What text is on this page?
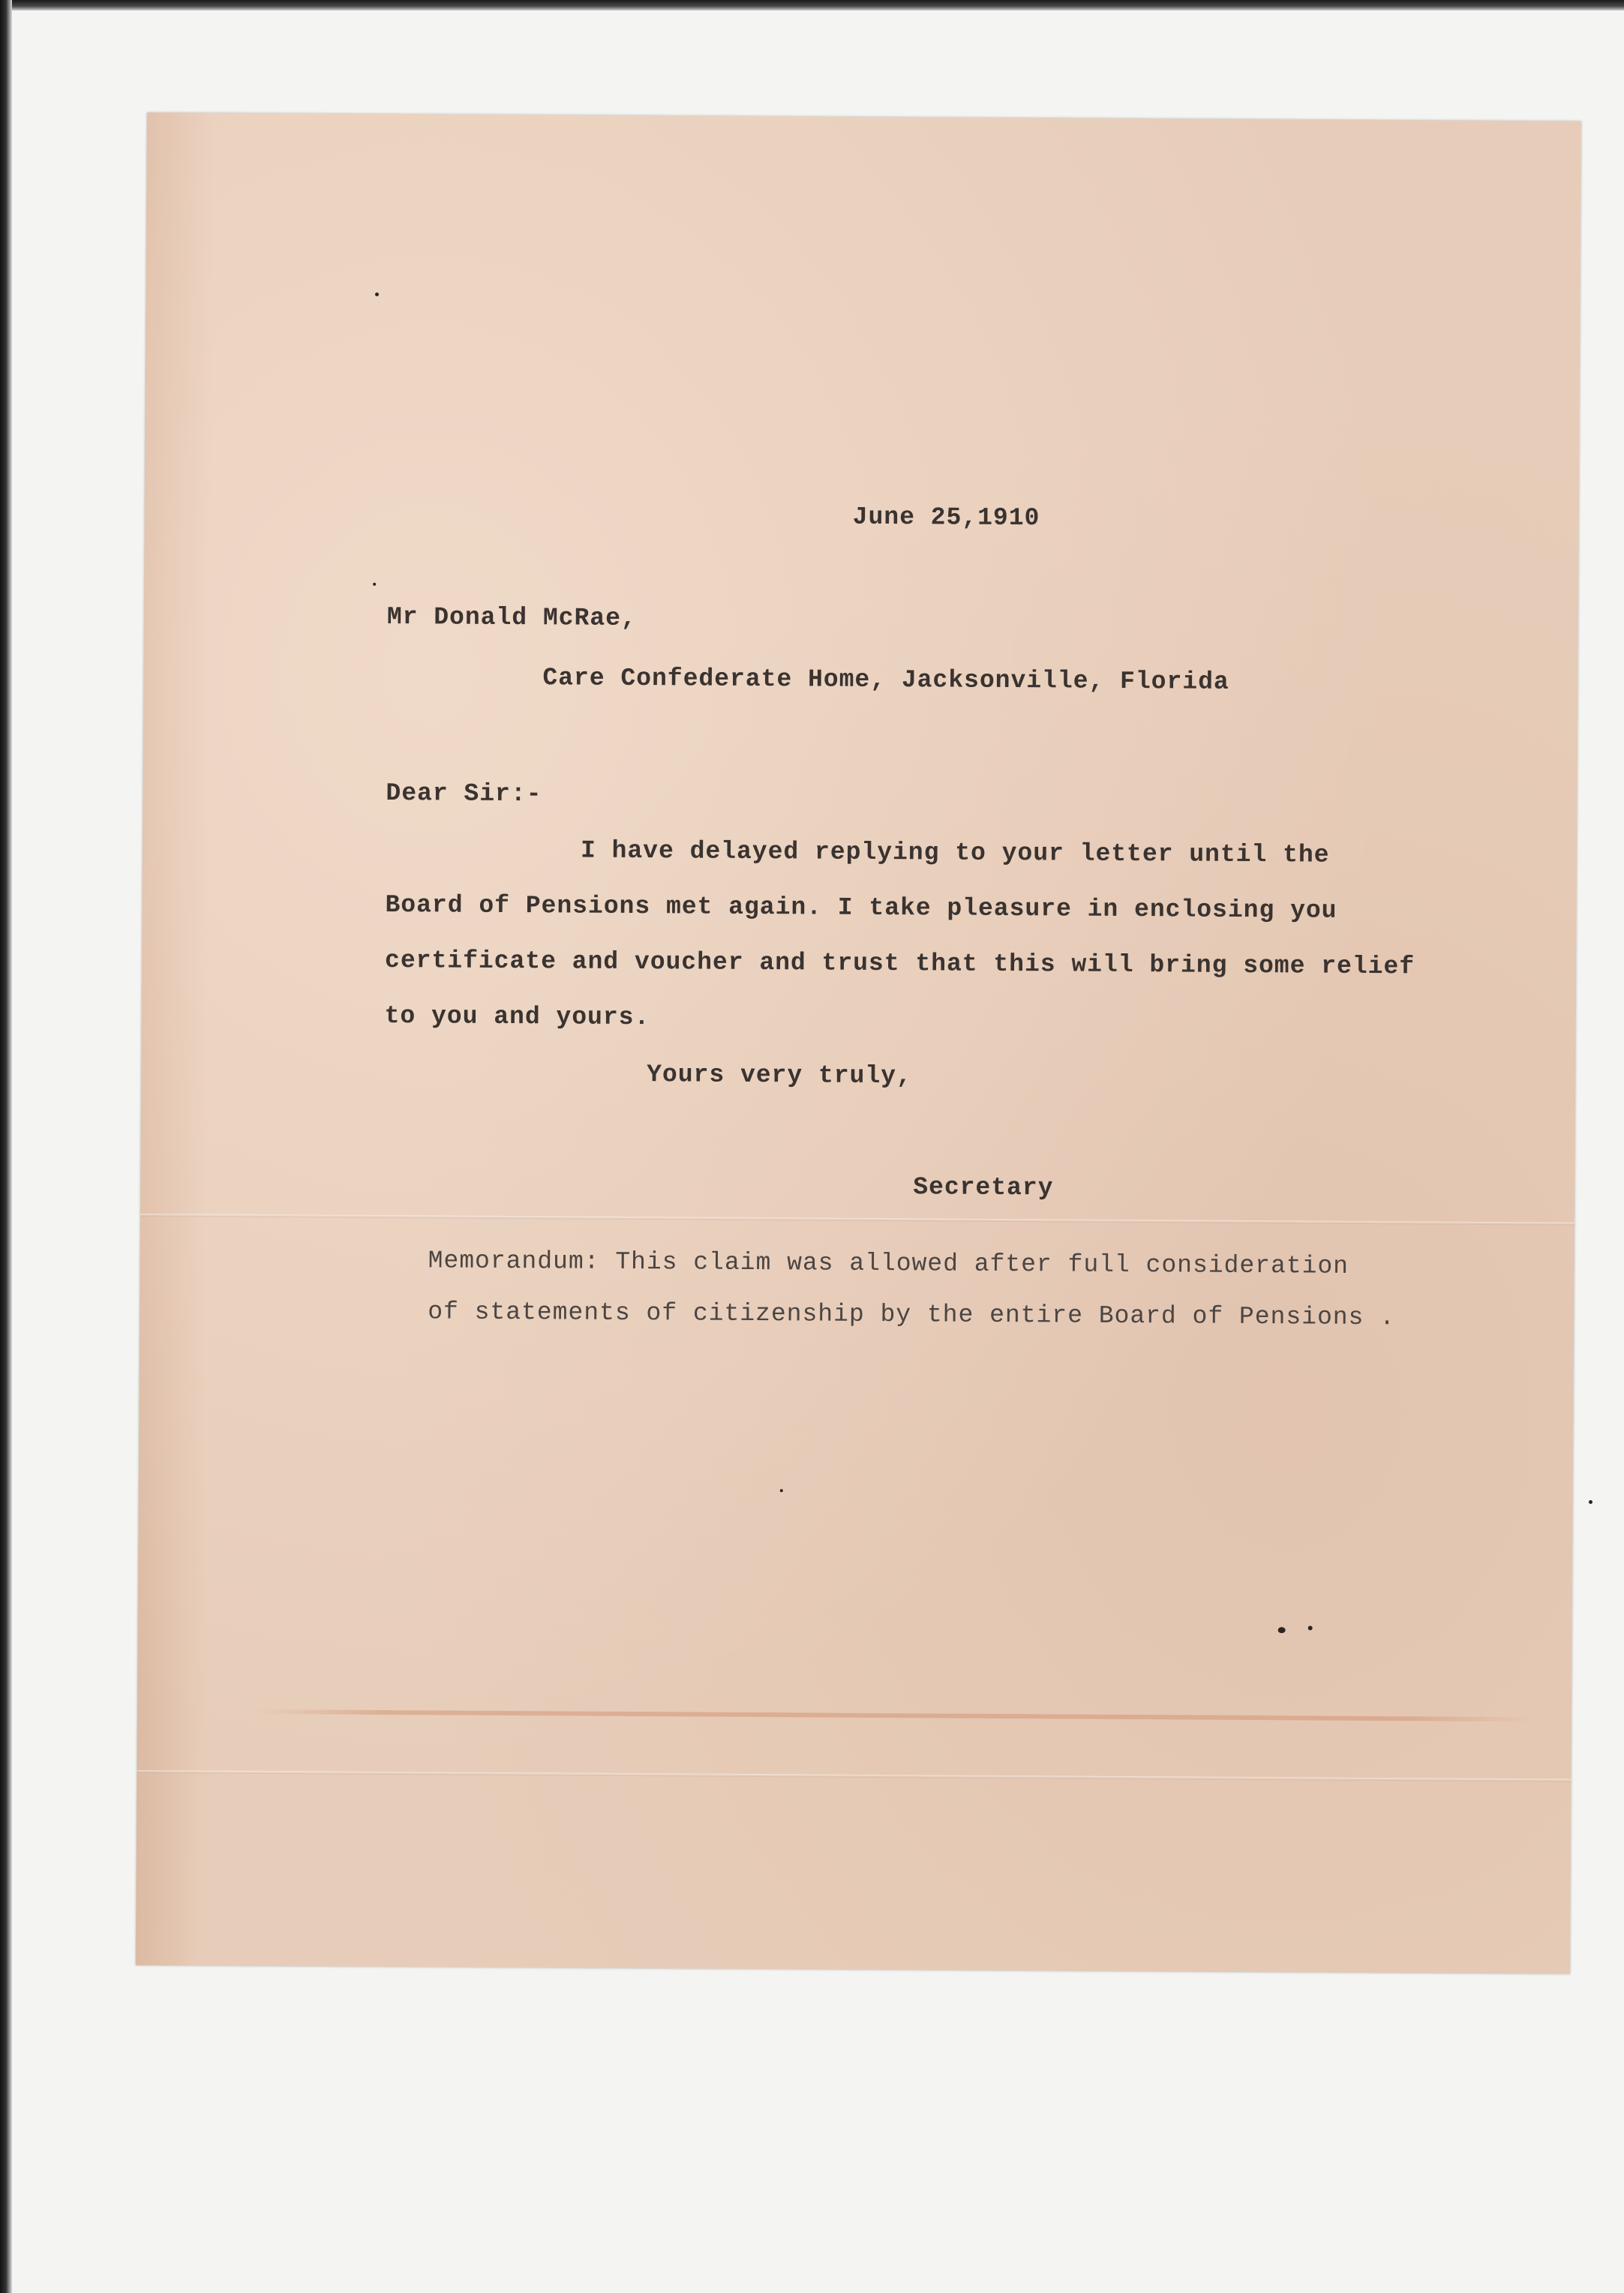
June 25,1910
Mr Donald McRae,
Care Confederate Home, Jacksonville, Florida
Dear Sir:-
I have delayed replying to your letter until the
Board of Pensions met again. I take pleasure in enclosing you
certificate and voucher and trust that this will bring some relief
to you and yours.
Yours very truly,
Secretary
Memorandum: This claim was allowed after full consideration
of statements of citizenship by the entire Board of Pensions .
